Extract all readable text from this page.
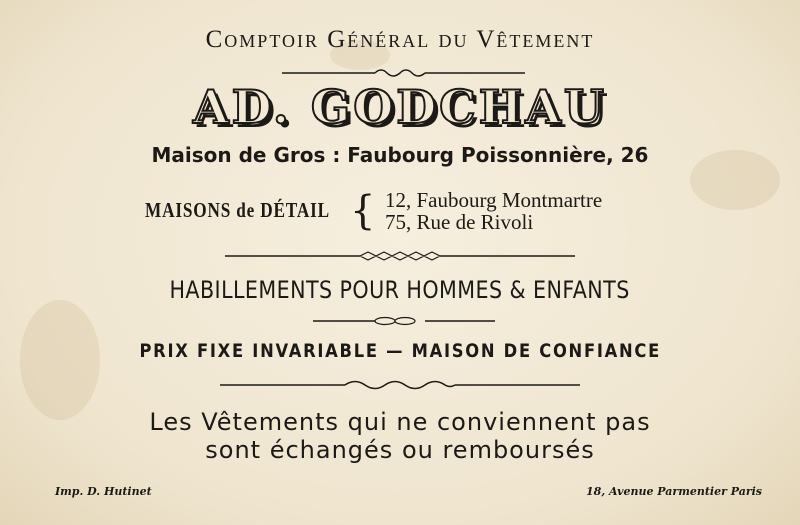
Comptoir Général du Vêtement
AD. GODCHAU
Maison de Gros : Faubourg Poissonnière, 26
MAISONS de DÉTAIL { 12, Faubourg Montmartre
75, Rue de Rivoli
HABILLEMENTS POUR HOMMES & ENFANTS
PRIX FIXE INVARIABLE — MAISON DE CONFIANCE
Les Vêtements qui ne conviennent pas
sont échangés ou remboursés
Imp. D. Hutinet	18, Avenue Parmentier Paris
